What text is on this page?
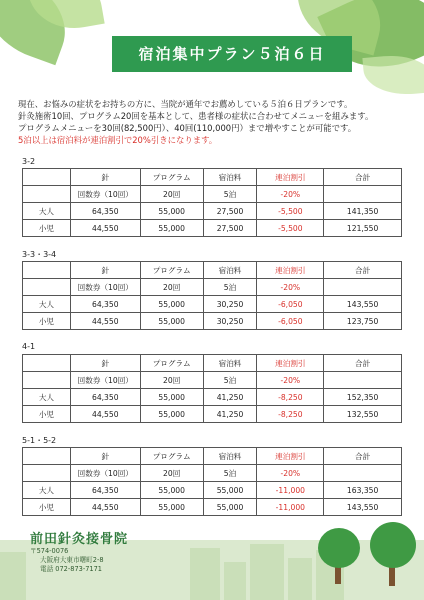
宿泊集中プラン５泊６日

現在、お悩みの症状をお持ちの方に、当院が通年でお薦めしている５泊６日プランです。

針灸施術10回、プログラム20回を基本として、患者様の症状に合わせてメニューを組みます。

プログラムメニューを30回(82,500円）、40回(110,000円）まで増やすことが可能です。

5泊以上は宿泊料が連泊割引で20%引きになります。

3-2
	針	プログラム	宿泊料	連泊割引	合計
	回数券（10回）	20回	5泊	-20%	
大人	64,350	55,000	27,500	-5,500	141,350
小児	44,550	55,000	27,500	-5,500	121,550
3-3・3-4
	針	プログラム	宿泊料	連泊割引	合計
	回数券（10回）	20回	5泊	-20%	
大人	64,350	55,000	30,250	-6,050	143,550
小児	44,550	55,000	30,250	-6,050	123,750
4-1
	針	プログラム	宿泊料	連泊割引	合計
	回数券（10回）	20回	5泊	-20%	
大人	64,350	55,000	41,250	-8,250	152,350
小児	44,550	55,000	41,250	-8,250	132,550
5-1・5-2
	針	プログラム	宿泊料	連泊割引	合計
	回数券（10回）	20回	5泊	-20%	
大人	64,350	55,000	55,000	-11,000	163,350
小児	44,550	55,000	55,000	-11,000	143,550
前田針灸接骨院
〒574-0076
大阪府大東市曙町2-8
電話 072-873-7171
